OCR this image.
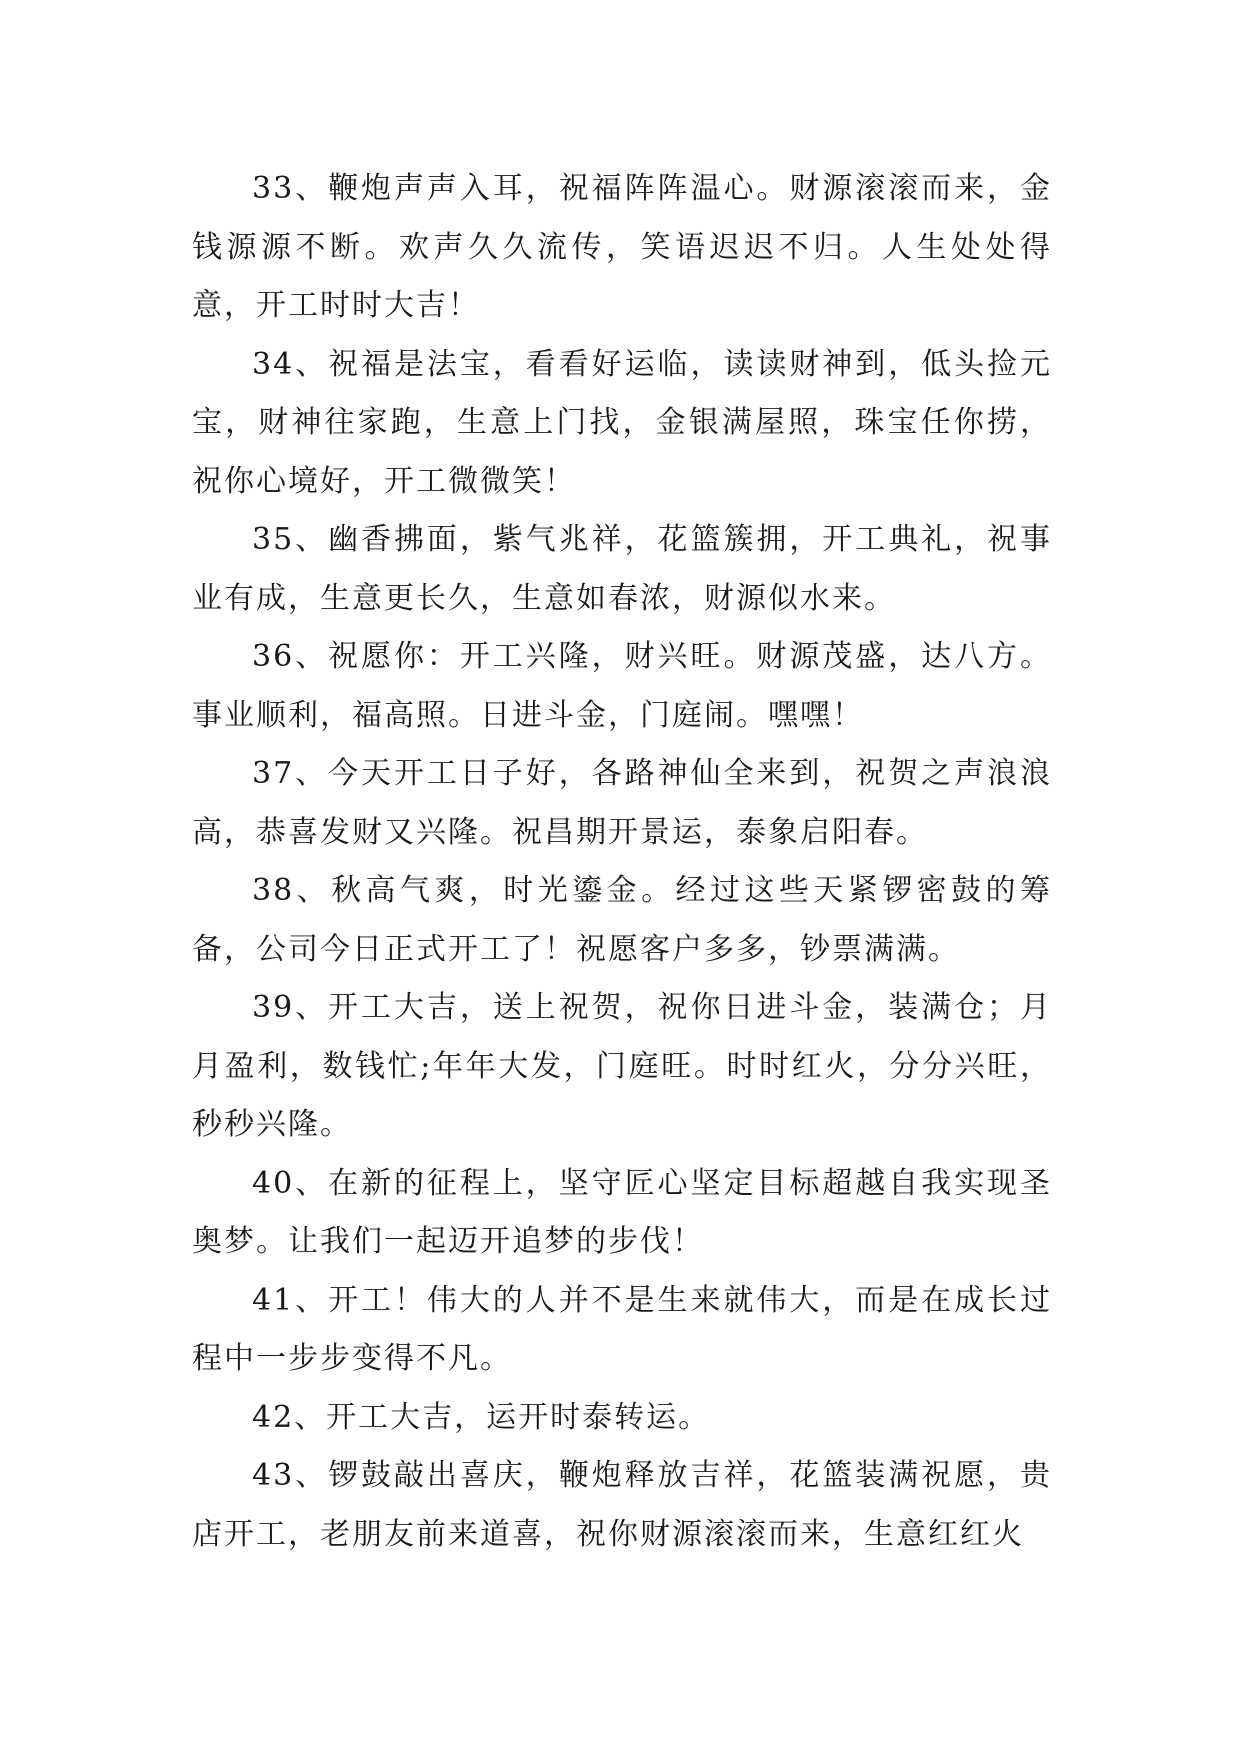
33、鞭炮声声入耳，祝福阵阵温心。财源滚滚而来，金钱源源不断。欢声久久流传，笑语迟迟不归。人生处处得意，开工时时大吉！

34、祝福是法宝，看看好运临，读读财神到，低头捡元宝，财神往家跑，生意上门找，金银满屋照，珠宝任你捞，祝你心境好，开工微微笑！

35、幽香拂面，紫气兆祥，花篮簇拥，开工典礼，祝事业有成，生意更长久，生意如春浓，财源似水来。

36、祝愿你：开工兴隆，财兴旺。财源茂盛，达八方。事业顺利，福高照。日进斗金，门庭闹。嘿嘿！

37、今天开工日子好，各路神仙全来到，祝贺之声浪浪高，恭喜发财又兴隆。祝昌期开景运，泰象启阳春。

38、秋高气爽，时光鎏金。经过这些天紧锣密鼓的筹备，公司今日正式开工了！祝愿客户多多，钞票满满。

39、开工大吉，送上祝贺，祝你日进斗金，装满仓；月月盈利，数钱忙;年年大发，门庭旺。时时红火，分分兴旺，秒秒兴隆。

40、在新的征程上，坚守匠心坚定目标超越自我实现圣奥梦。让我们一起迈开追梦的步伐！

41、开工！伟大的人并不是生来就伟大，而是在成长过程中一步步变得不凡。

42、开工大吉，运开时泰转运。

43、锣鼓敲出喜庆，鞭炮释放吉祥，花篮装满祝愿，贵店开工，老朋友前来道喜，祝你财源滚滚而来，生意红红火
